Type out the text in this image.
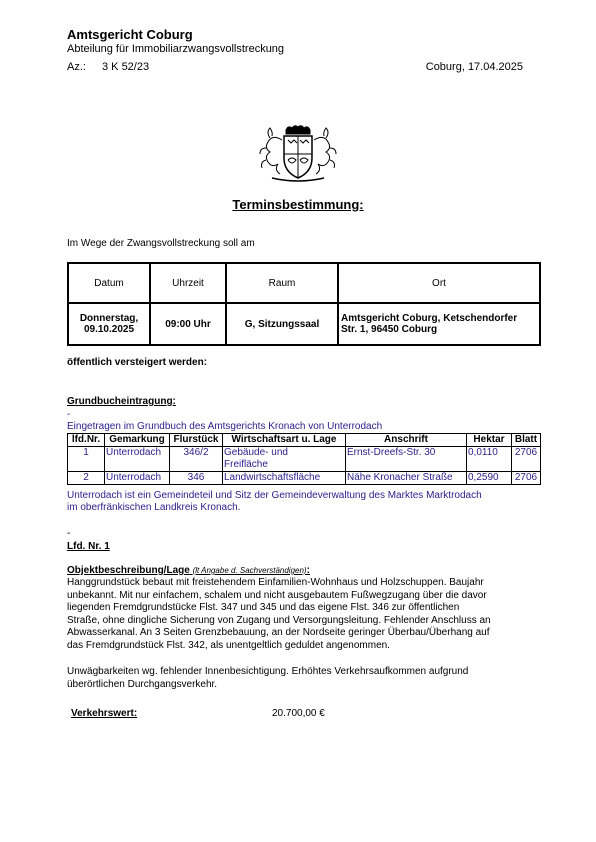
Amtsgericht Coburg
Abteilung für Immobiliarzwangsvollstreckung
Az.: 3 K 52/23	Coburg, 17.04.2025
Terminsbestimmung:
Im Wege der Zwangsvollstreckung soll am
Datum	Uhrzeit	Raum	Ort
Donnerstag,
09.10.2025	09:00 Uhr	G, Sitzungssaal	Amtsgericht Coburg, Ketschendorfer
Str. 1, 96450 Coburg
öffentlich versteigert werden:
Grundbucheintragung:
-
Eingetragen im Grundbuch des Amtsgerichts Kronach von Unterrodach
lfd.Nr.	Gemarkung	Flurstück	Wirtschaftsart u. Lage	Anschrift	Hektar	Blatt
1	Unterrodach	346/2	Gebäude- und
Freifläche	Ernst-Dreefs-Str. 30	0,0110	2706
2	Unterrodach	346	Landwirtschaftsfläche	Nähe Kronacher Straße	0,2590	2706
Unterrodach ist ein Gemeindeteil und Sitz der Gemeindeverwaltung des Marktes Marktrodach
im oberfränkischen Landkreis Kronach.
-
Lfd. Nr. 1
Objektbeschreibung/Lage (lt Angabe d. Sachverständigen):
Hanggrundstück bebaut mit freistehendem Einfamilien-Wohnhaus und Holzschuppen. Baujahr
unbekannt. Mit nur einfachem, schalem und nicht ausgebautem Fußwegzugang über die davor
liegenden Fremdgrundstücke Flst. 347 und 345 und das eigene Flst. 346 zur öffentlichen
Straße, ohne dingliche Sicherung von Zugang und Versorgungsleitung. Fehlender Anschluss an
Abwasserkanal. An 3 Seiten Grenzbebauung, an der Nordseite geringer Überbau/Überhang auf
das Fremdgrundstück Flst. 342, als unentgeltlich geduldet angenommen.
Unwägbarkeiten wg. fehlender Innenbesichtigung. Erhöhtes Verkehrsaufkommen aufgrund
überörtlichen Durchgangsverkehr.
Verkehrswert:	20.700,00 €
